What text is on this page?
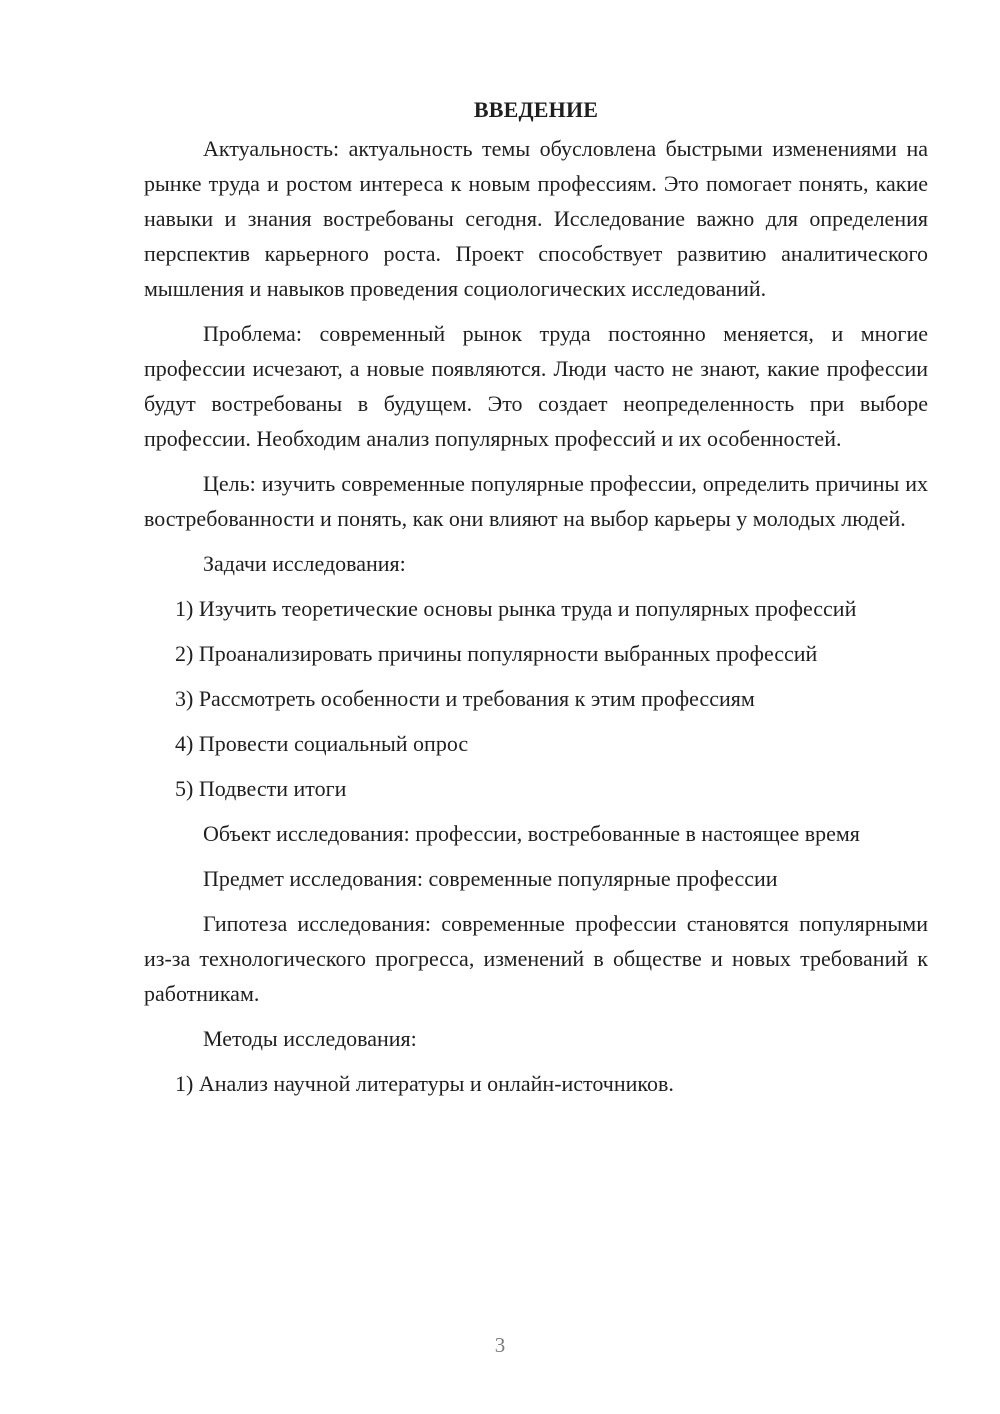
ВВЕДЕНИЕ

Актуальность: актуальность темы обусловлена быстрыми изменениями на рынке труда и ростом интереса к новым профессиям. Это помогает понять, какие навыки и знания востребованы сегодня. Исследование важно для определения перспектив карьерного роста. Проект способствует развитию аналитического мышления и навыков проведения социологических исследований.

Проблема: современный рынок труда постоянно меняется, и многие профессии исчезают, а новые появляются. Люди часто не знают, какие профессии будут востребованы в будущем. Это создает неопределенность при выборе профессии. Необходим анализ популярных профессий и их особенностей.

Цель: изучить современные популярные профессии, определить причины их востребованности и понять, как они влияют на выбор карьеры у молодых людей.

Задачи исследования:

1) Изучить теоретические основы рынка труда и популярных профессий

2) Проанализировать причины популярности выбранных профессий

3) Рассмотреть особенности и требования к этим профессиям

4) Провести социальный опрос

5) Подвести итоги

Объект исследования: профессии, востребованные в настоящее время

Предмет исследования: современные популярные профессии

Гипотеза исследования: современные профессии становятся популярными из-за технологического прогресса, изменений в обществе и новых требований к работникам.

Методы исследования:

1) Анализ научной литературы и онлайн-источников.

3
